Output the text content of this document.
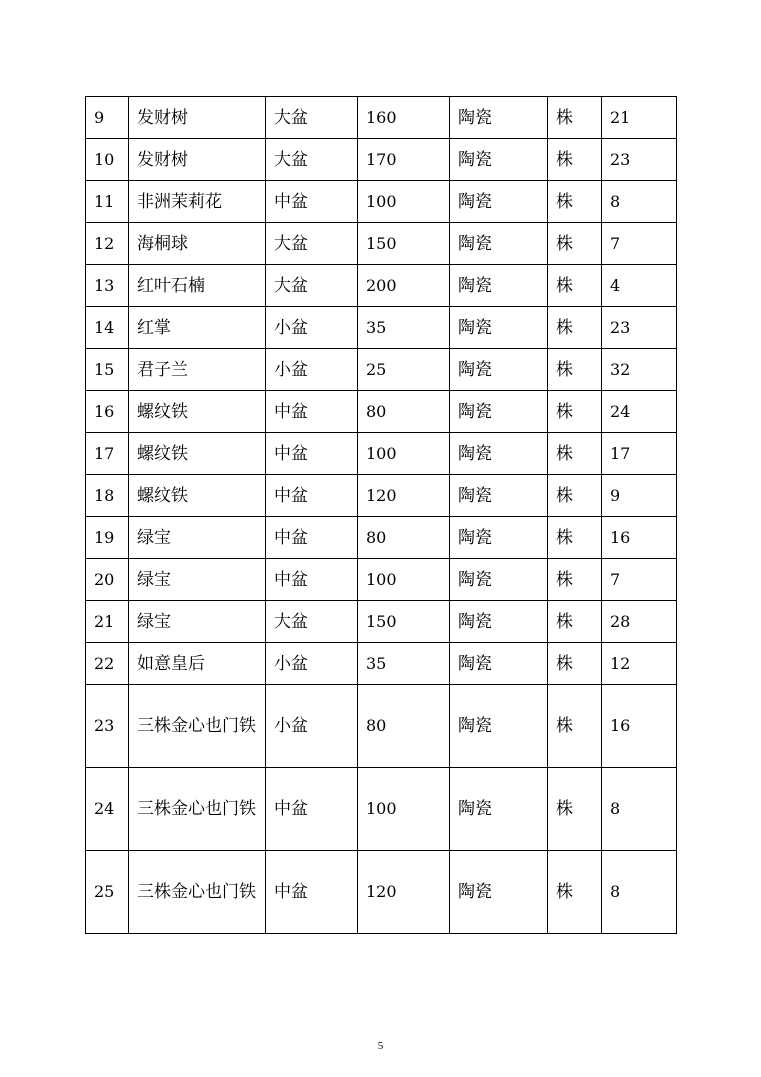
9	发财树	大盆	160	陶瓷	株	21
10	发财树	大盆	170	陶瓷	株	23
11	非洲茉莉花	中盆	100	陶瓷	株	8
12	海桐球	大盆	150	陶瓷	株	7
13	红叶石楠	大盆	200	陶瓷	株	4
14	红掌	小盆	35	陶瓷	株	23
15	君子兰	小盆	25	陶瓷	株	32
16	螺纹铁	中盆	80	陶瓷	株	24
17	螺纹铁	中盆	100	陶瓷	株	17
18	螺纹铁	中盆	120	陶瓷	株	9
19	绿宝	中盆	80	陶瓷	株	16
20	绿宝	中盆	100	陶瓷	株	7
21	绿宝	大盆	150	陶瓷	株	28
22	如意皇后	小盆	35	陶瓷	株	12
23	三株金心也门铁	小盆	80	陶瓷	株	16
24	三株金心也门铁	中盆	100	陶瓷	株	8
25	三株金心也门铁	中盆	120	陶瓷	株	8
5
